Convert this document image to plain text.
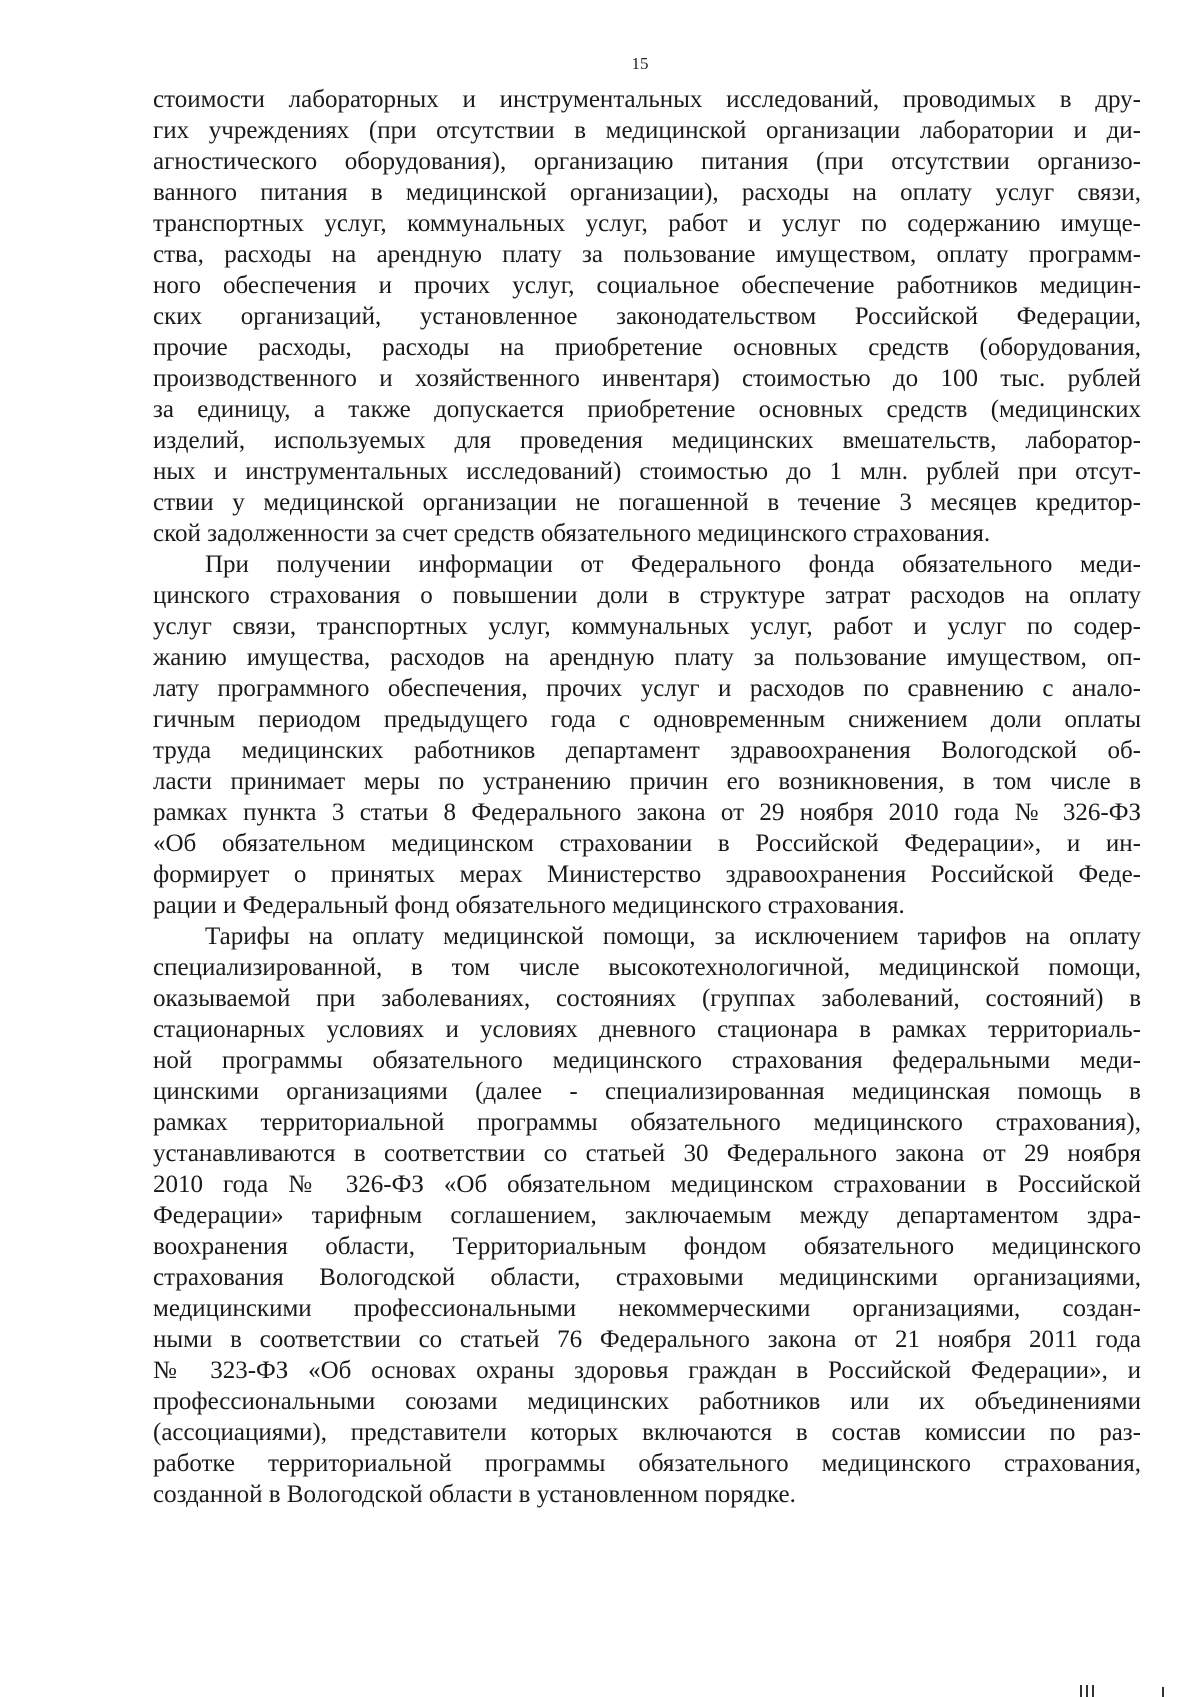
15
стоимости лабораторных и инструментальных исследований, проводимых в дру-
гих учреждениях (при отсутствии в медицинской организации лаборатории и ди-
агностического оборудования), организацию питания (при отсутствии организо-
ванного питания в медицинской организации), расходы на оплату услуг связи,
транспортных услуг, коммунальных услуг, работ и услуг по содержанию имуще-
ства, расходы на арендную плату за пользование имуществом, оплату программ-
ного обеспечения и прочих услуг, социальное обеспечение работников медицин-
ских организаций, установленное законодательством Российской Федерации,
прочие расходы, расходы на приобретение основных средств (оборудования,
производственного и хозяйственного инвентаря) стоимостью до 100 тыс. рублей
за единицу, а также допускается приобретение основных средств (медицинских
изделий, используемых для проведения медицинских вмешательств, лаборатор-
ных и инструментальных исследований) стоимостью до 1 млн. рублей при отсут-
ствии у медицинской организации не погашенной в течение 3 месяцев кредитор-
ской задолженности за счет средств обязательного медицинского страхования.
При получении информации от Федерального фонда обязательного меди-
цинского страхования о повышении доли в структуре затрат расходов на оплату
услуг связи, транспортных услуг, коммунальных услуг, работ и услуг по содер-
жанию имущества, расходов на арендную плату за пользование имуществом, оп-
лату программного обеспечения, прочих услуг и расходов по сравнению с анало-
гичным периодом предыдущего года с одновременным снижением доли оплаты
труда медицинских работников департамент здравоохранения Вологодской об-
ласти принимает меры по устранению причин его возникновения, в том числе в
рамках пункта 3 статьи 8 Федерального закона от 29 ноября 2010 года № 326-ФЗ
«Об обязательном медицинском страховании в Российской Федерации», и ин-
формирует о принятых мерах Министерство здравоохранения Российской Феде-
рации и Федеральный фонд обязательного медицинского страхования.
Тарифы на оплату медицинской помощи, за исключением тарифов на оплату
специализированной, в том числе высокотехнологичной, медицинской помощи,
оказываемой при заболеваниях, состояниях (группах заболеваний, состояний) в
стационарных условиях и условиях дневного стационара в рамках территориаль-
ной программы обязательного медицинского страхования федеральными меди-
цинскими организациями (далее - специализированная медицинская помощь в
рамках территориальной программы обязательного медицинского страхования),
устанавливаются в соответствии со статьей 30 Федерального закона от 29 ноября
2010 года № 326-ФЗ «Об обязательном медицинском страховании в Российской
Федерации» тарифным соглашением, заключаемым между департаментом здра-
воохранения области, Территориальным фондом обязательного медицинского
страхования Вологодской области, страховыми медицинскими организациями,
медицинскими профессиональными некоммерческими организациями, создан-
ными в соответствии со статьей 76 Федерального закона от 21 ноября 2011 года
№ 323-ФЗ «Об основах охраны здоровья граждан в Российской Федерации», и
профессиональными союзами медицинских работников или их объединениями
(ассоциациями), представители которых включаются в состав комиссии по раз-
работке территориальной программы обязательного медицинского страхования,
созданной в Вологодской области в установленном порядке.
